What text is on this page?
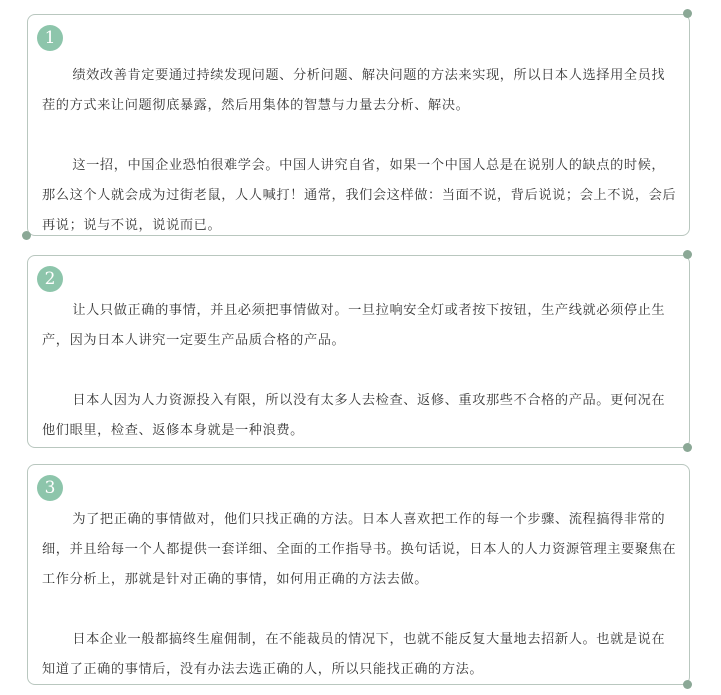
1

绩效改善肯定要通过持续发现问题、分析问题、解决问题的方法来实现，所以日本人选择用全员找茬的方式来让问题彻底暴露，然后用集体的智慧与力量去分析、解决。

这一招，中国企业恐怕很难学会。中国人讲究自省，如果一个中国人总是在说别人的缺点的时候，那么这个人就会成为过街老鼠，人人喊打！通常，我们会这样做：当面不说，背后说说；会上不说，会后再说；说与不说，说说而已。

2

让人只做正确的事情，并且必须把事情做对。一旦拉响安全灯或者按下按钮，生产线就必须停止生产，因为日本人讲究一定要生产品质合格的产品。

日本人因为人力资源投入有限，所以没有太多人去检查、返修、重攻那些不合格的产品。更何况在他们眼里，检查、返修本身就是一种浪费。

3

为了把正确的事情做对，他们只找正确的方法。日本人喜欢把工作的每一个步骤、流程搞得非常的细，并且给每一个人都提供一套详细、全面的工作指导书。换句话说，日本人的人力资源管理主要聚焦在工作分析上，那就是针对正确的事情，如何用正确的方法去做。

日本企业一般都搞终生雇佣制，在不能裁员的情况下，也就不能反复大量地去招新人。也就是说在知道了正确的事情后，没有办法去选正确的人，所以只能找正确的方法。
